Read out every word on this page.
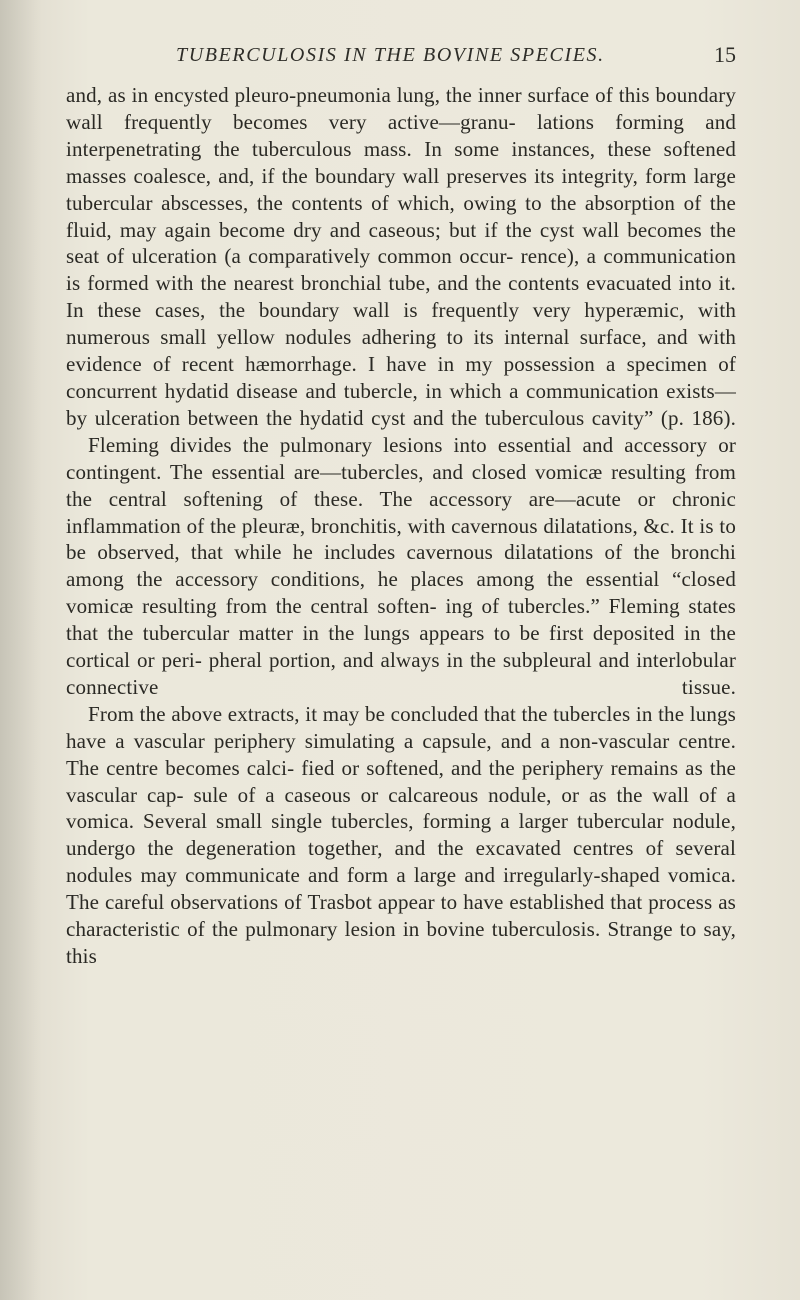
TUBERCULOSIS IN THE BOVINE SPECIES.	15

and, as in encysted pleuro-pneumonia lung, the inner surface of this boundary wall frequently becomes very active—granu- lations forming and interpenetrating the tuberculous mass. In some instances, these softened masses coalesce, and, if the boundary wall preserves its integrity, form large tubercular abscesses, the contents of which, owing to the absorption of the fluid, may again become dry and caseous; but if the cyst wall becomes the seat of ulceration (a comparatively common occur- rence), a communication is formed with the nearest bronchial tube, and the contents evacuated into it. In these cases, the boundary wall is frequently very hyperæmic, with numerous small yellow nodules adhering to its internal surface, and with evidence of recent hæmorrhage. I have in my possession a specimen of concurrent hydatid disease and tubercle, in which a communication exists—by ulceration between the hydatid cyst and the tuberculous cavity” (p. 186).

Fleming divides the pulmonary lesions into essential and accessory or contingent. The essential are—tubercles, and closed vomicæ resulting from the central softening of these. The accessory are—acute or chronic inflammation of the pleuræ, bronchitis, with cavernous dilatations, &c. It is to be observed, that while he includes cavernous dilatations of the bronchi among the accessory conditions, he places among the essential “closed vomicæ resulting from the central soften- ing of tubercles.” Fleming states that the tubercular matter in the lungs appears to be first deposited in the cortical or peri- pheral portion, and always in the subpleural and interlobular connective tissue.

From the above extracts, it may be concluded that the tubercles in the lungs have a vascular periphery simulating a capsule, and a non-vascular centre. The centre becomes calci- fied or softened, and the periphery remains as the vascular cap- sule of a caseous or calcareous nodule, or as the wall of a vomica. Several small single tubercles, forming a larger tubercular nodule, undergo the degeneration together, and the excavated centres of several nodules may communicate and form a large and irregularly-shaped vomica. The careful observations of Trasbot appear to have established that process as characteristic of the pulmonary lesion in bovine tuberculosis. Strange to say, this
